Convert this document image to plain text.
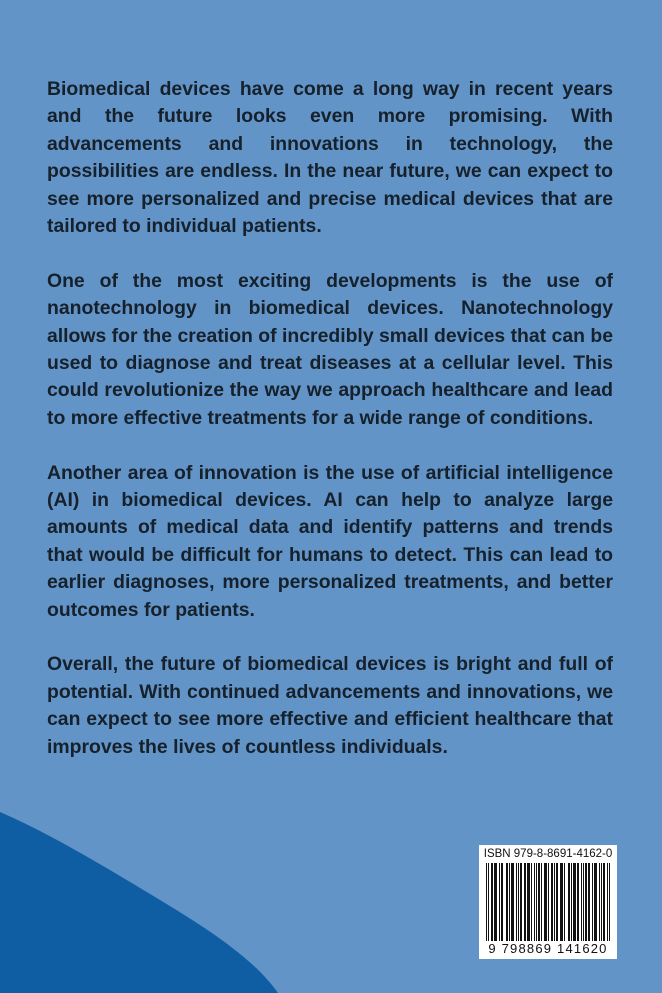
Biomedical devices have come a long way in recent years and the future looks even more promising. With advancements and innovations in technology, the possibilities are endless. In the near future, we can expect to see more personalized and precise medical devices that are tailored to individual patients.

One of the most exciting developments is the use of nanotechnology in biomedical devices. Nanotechnology allows for the creation of incredibly small devices that can be used to diagnose and treat diseases at a cellular level. This could revolutionize the way we approach healthcare and lead to more effective treatments for a wide range of conditions.

Another area of innovation is the use of artificial intelligence (AI) in biomedical devices. AI can help to analyze large amounts of medical data and identify patterns and trends that would be difficult for humans to detect. This can lead to earlier diagnoses, more personalized treatments, and better outcomes for patients.

Overall, the future of biomedical devices is bright and full of potential. With continued advancements and innovations, we can expect to see more effective and efficient healthcare that improves the lives of countless individuals.

ISBN 979-8-8691-4162-0
9 798869 141620
